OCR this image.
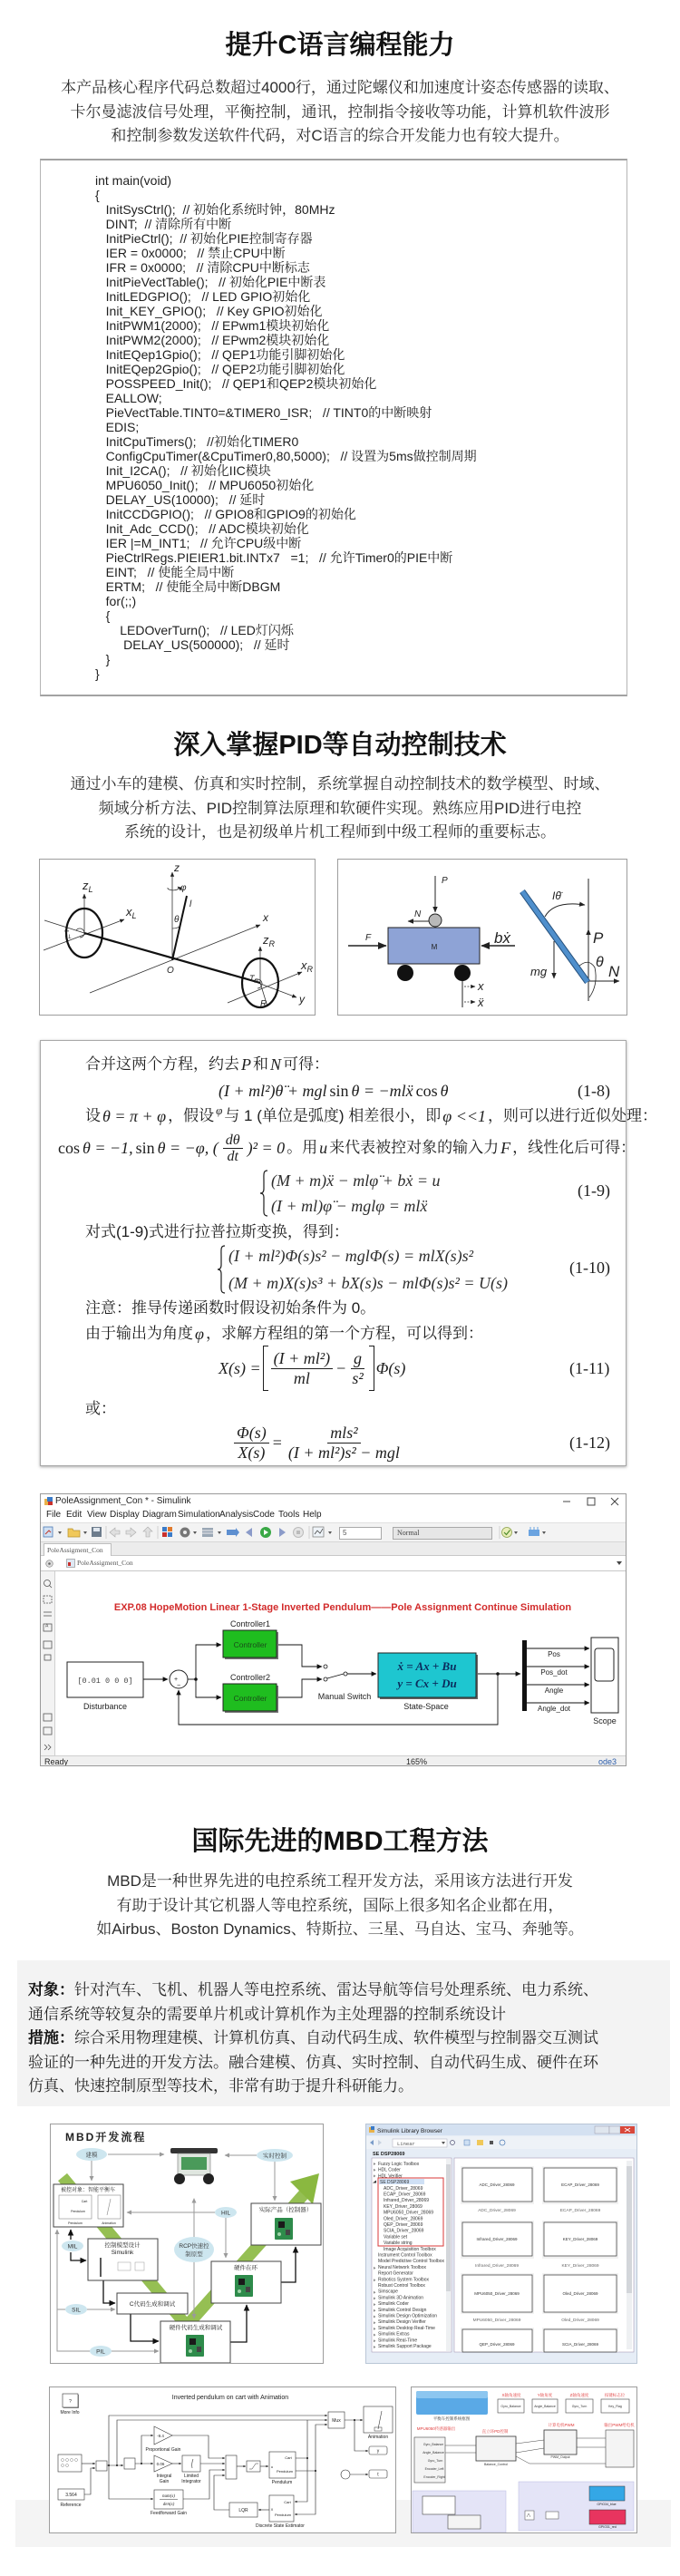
提升C语言编程能力
本产品核心程序代码总数超过4000行，通过陀螺仪和加速度计姿态传感器的读取、
卡尔曼滤波信号处理，平衡控制，通讯，控制指令接收等功能，计算机软件波形
和控制参数发送软件代码，对C语言的综合开发能力也有较大提升。
int main(void)
{
InitSysCtrl();  // 初始化系统时钟，80MHz
DINT;  // 清除所有中断
InitPieCtrl();  // 初始化PIE控制寄存器
IER = 0x0000;   // 禁止CPU中断
IFR = 0x0000;   // 清除CPU中断标志
InitPieVectTable();   // 初始化PIE中断表
InitLEDGPIO();   // LED GPIO初始化
Init_KEY_GPIO();   // Key GPIO初始化
InitPWM1(2000);   // EPwm1模块初始化
InitPWM2(2000);   // EPwm2模块初始化
InitEQep1Gpio();   // QEP1功能引脚初始化
InitEQep2Gpio();   // QEP2功能引脚初始化
POSSPEED_Init();   // QEP1和QEP2模块初始化
EALLOW;
PieVectTable.TINT0=&TIMER0_ISR;   // TINT0的中断映射
EDIS;
InitCpuTimers();   //初始化TIMER0
ConfigCpuTimer(&CpuTimer0,80,5000);   // 设置为5ms做控制周期
Init_I2CA();   // 初始化IIC模块
MPU6050_Init();   // MPU6050初始化
DELAY_US(10000);   // 延时
InitCCDGPIO();   // GPIO8和GPIO9的初始化
Init_Adc_CCD();   // ADC模块初始化
IER |=M_INT1;   // 允许CPU级中断
PieCtrlRegs.PIEIER1.bit.INTx7   =1;   // 允许Timer0的PIE中断
EINT;   // 使能全局中断
ERTM;   // 使能全局中断DBGM
for(;;)
{
LEDOverTurn();   // LED灯闪烁
DELAY_US(500000);   // 延时
}
}
深入掌握PID等自动控制技术
通过小车的建模、仿真和实时控制，系统掌握自动控制技术的数学模型、时域、
频域分析方法、PID控制算法原理和软硬件实现。熟练应用PID进行电控
系统的设计，也是初级单片机工程师到中级工程师的重要标志。
$z_L$
$x_L$
$T_L$
z
φ
θ
l
x
O
$z_R$
$x_R$
$T_R$
y
R
P
N
F	bẋ
x
ẍ
Iθ̈
P
θ
N
mg
M
合并这两个方程，约去 P 和 N 可得：
(I + ml²)θ̈ + mgl sin θ = −mlẍ cos θ	(1-8)
设 θ = π + φ ，假设 φ 与 1 (单位是弧度) 相差很小，即 φ <<1 ，则可以进行近似处理：
cos θ = −1, sin θ = −φ, ( $\frac{d\theta}{dt} )^2 = 0$ 。用 u 来代表被控对象的输入力 F ，线性化后可得：
(M + m)ẍ − mlφ̈ + bẋ = u
(I + ml)φ̈ − mglφ = mlẍ
(1-9)
对式(1-9)式进行拉普拉斯变换，得到：
(I + ml²)Φ(s)s² − mglΦ(s) = mlX(s)s²
(M + m)X(s)s³ + bX(s)s − mlΦ(s)s² = U(s)
(1-10)
注意：推导传递函数时假设初始条件为 0。
由于输出为角度 φ ，求解方程组的第一个方程，可以得到：
$X(s) = \frac{\text{(I + ml²)}}{ml} - \frac{g}{\text{s²}} \Phi(s)$	(1-11)
或：
$\frac{\Phi(s)}{X(s)} = \frac{\text{mls²}}{\text{(I + ml²)s² − mgl}}$	(1-12)
PoleAssignment_Con * - Simulink
File Edit View Display Diagram Simulation Analysis Code Tools Help
5	Normal
PoleAssigment_Con
PoleAssigment_Con
A
EXP.08 HopeMotion Linear 1-Stage Inverted Pendulum——Pole Assignment Continue Simulation
[0.01 0 0 0]
Disturbance
+
−
Controller1
Controller
Controller2
Controller	Manual Switch
ẋ = Ax + Bu
y = Cx + Du
State-Space
Pos
Pos_dot
Angle
Angle_dot
Scope
Ready	165%	ode3
国际先进的MBD工程方法
MBD是一种世界先进的电控系统工程开发方法，采用该方法进行开发
有助于设计其它机器人等电控系统，国际上很多知名企业都在用，
如Airbus、Boston Dynamics、特斯拉、三星、马自达、宝马、奔驰等。
对象：针对汽车、飞机、机器人等电控系统、雷达导航等信号处理系统、电力系统、
通信系统等较复杂的需要单片机或计算机作为主处理器的控制系统设计
措施：综合采用物理建模、计算机仿真、自动代码生成、软件模型与控制器交互测试
验证的一种先进的开发方法。融合建模、仿真、实时控制、自动代码生成、硬件在环
仿真、快速控制原型等技术，非常有助于提升科研能力。
MBD开发流程
建模	实时控制
HIL
MIL	RCP快速控
制原型
SIL
PIL
被控对象：智能平衡车
Cart
Pendulum
Pendulum	Animation
控制模型设计
Simulink
C代码生成和调试
硬件代码生成和调试
硬件在环
实际产品（控制器）
Simulink Library Browser
Linear
SE DSP28069
Fuzzy Logic Toolbox
HDL Coder
HDL Verifier
SE DSP28069
ADC_Driver_28069
ECAP_Driver_28069
Infrared_Driver_28069
KEY_Driver_28069
MPU6050_Driver_28069
Oled_Driver_28069
QEP_Driver_28069
SCIA_Driver_28069
Variable set
Variable string
Image Acquisition Toolbox
Instrument Control Toolbox
Model Predictive Control Toolbox
Neural Network Toolbox
Report Generator
Robotics System Toolbox
Robust Control Toolbox
Simscape
Simulink 3D Animation
Simulink Coder
Simulink Control Design
Simulink Design Optimization
Simulink Design Verifier
Simulink Desktop Real-Time
Simulink Extras
Simulink Real-Time
Simulink Support Package
ADC_Driver_28069	ECAP_Driver_28069
Infrared_Driver_28069	KEY_Driver_28069
MPU6050_Driver_28069	Oled_Driver_28069
QEP_Driver_28069	SCIA_Driver_28069
ADC_Driver_28069	ECAP_Driver_28069
Infrared_Driver_28069	KEY_Driver_28069
MPU6050_Driver_28069	Oled_Driver_28069
Inverted pendulum on cart with Animation
?
More Info
3.564
Reference
-9.4
Proportional Gain
0.06
Integral
Gain
Limited
Integrator
num(s)
den(s)
Feedforward Gain
Cart
Pendulum
u
Pendulum
LQR
Cart
X
Pendulum
Discrete State Estimator
Mux
Animation
y
t
平衡车控制系统框图
X轴角速度	Y轴角度	Z轴角速度	按键标志位
MPU6050传感器输出
直立环PD控制
计算电机PWM	输出PWM给电机
Gyro_Balance	Angle_Balance	Gyro_Turn	Key_Flag
Gyro_Balance
Angle_Balance
Gyro_Turn
Encoder_Left
Encoder_Right
Balance_Control
PWM_Output
GPIO34_blue
GPIO31_red
